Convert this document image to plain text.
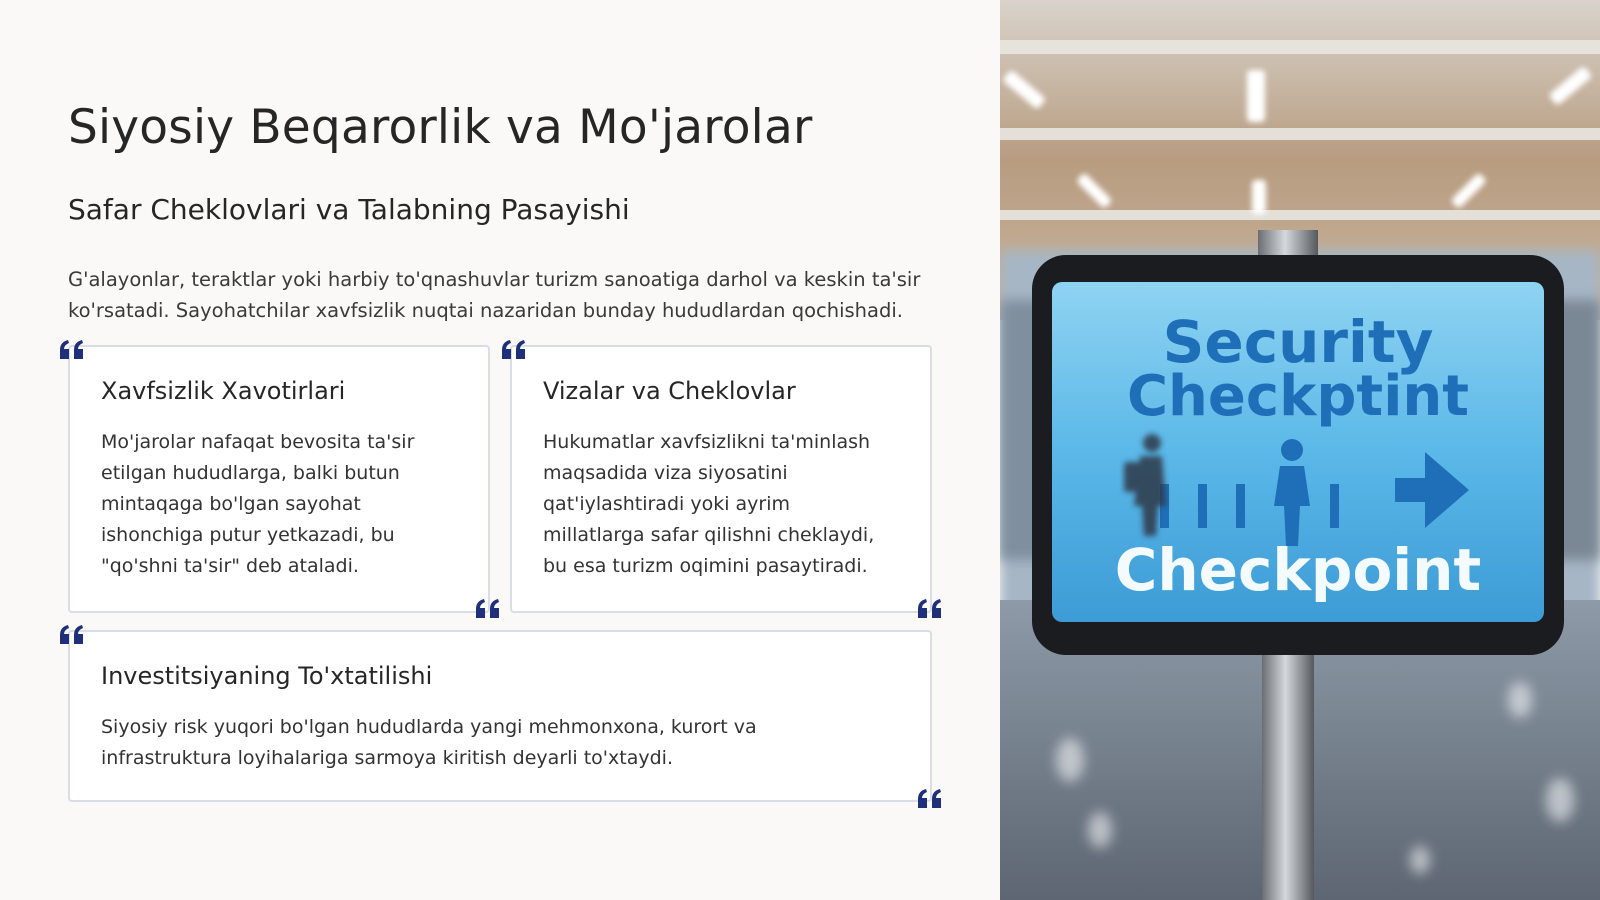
Siyosiy Beqarorlik va Mo'jarolar
Safar Cheklovlari va Talabning Pasayishi

G'alayonlar, teraktlar yoki harbiy to'qnashuvlar turizm sanoatiga darhol va keskin ta'sir ko'rsatadi. Sayohatchilar xavfsizlik nuqtai nazaridan bunday hududlardan qochishadi.

Xavfsizlik Xavotirlari

Mo'jarolar nafaqat bevosita ta'sir etilgan hududlarga, balki butun mintaqaga bo'lgan sayohat ishonchiga putur yetkazadi, bu "qo'shni ta'sir" deb ataladi.

Vizalar va Cheklovlar

Hukumatlar xavfsizlikni ta'minlash maqsadida viza siyosatini qat'iylashtiradi yoki ayrim millatlarga safar qilishni cheklaydi, bu esa turizm oqimini pasaytiradi.

Investitsiyaning To'xtatilishi

Siyosiy risk yuqori bo'lgan hududlarda yangi mehmonxona, kurort va infrastruktura loyihalariga sarmoya kiritish deyarli to'xtaydi.

Security
Checkptint
Checkpoint
